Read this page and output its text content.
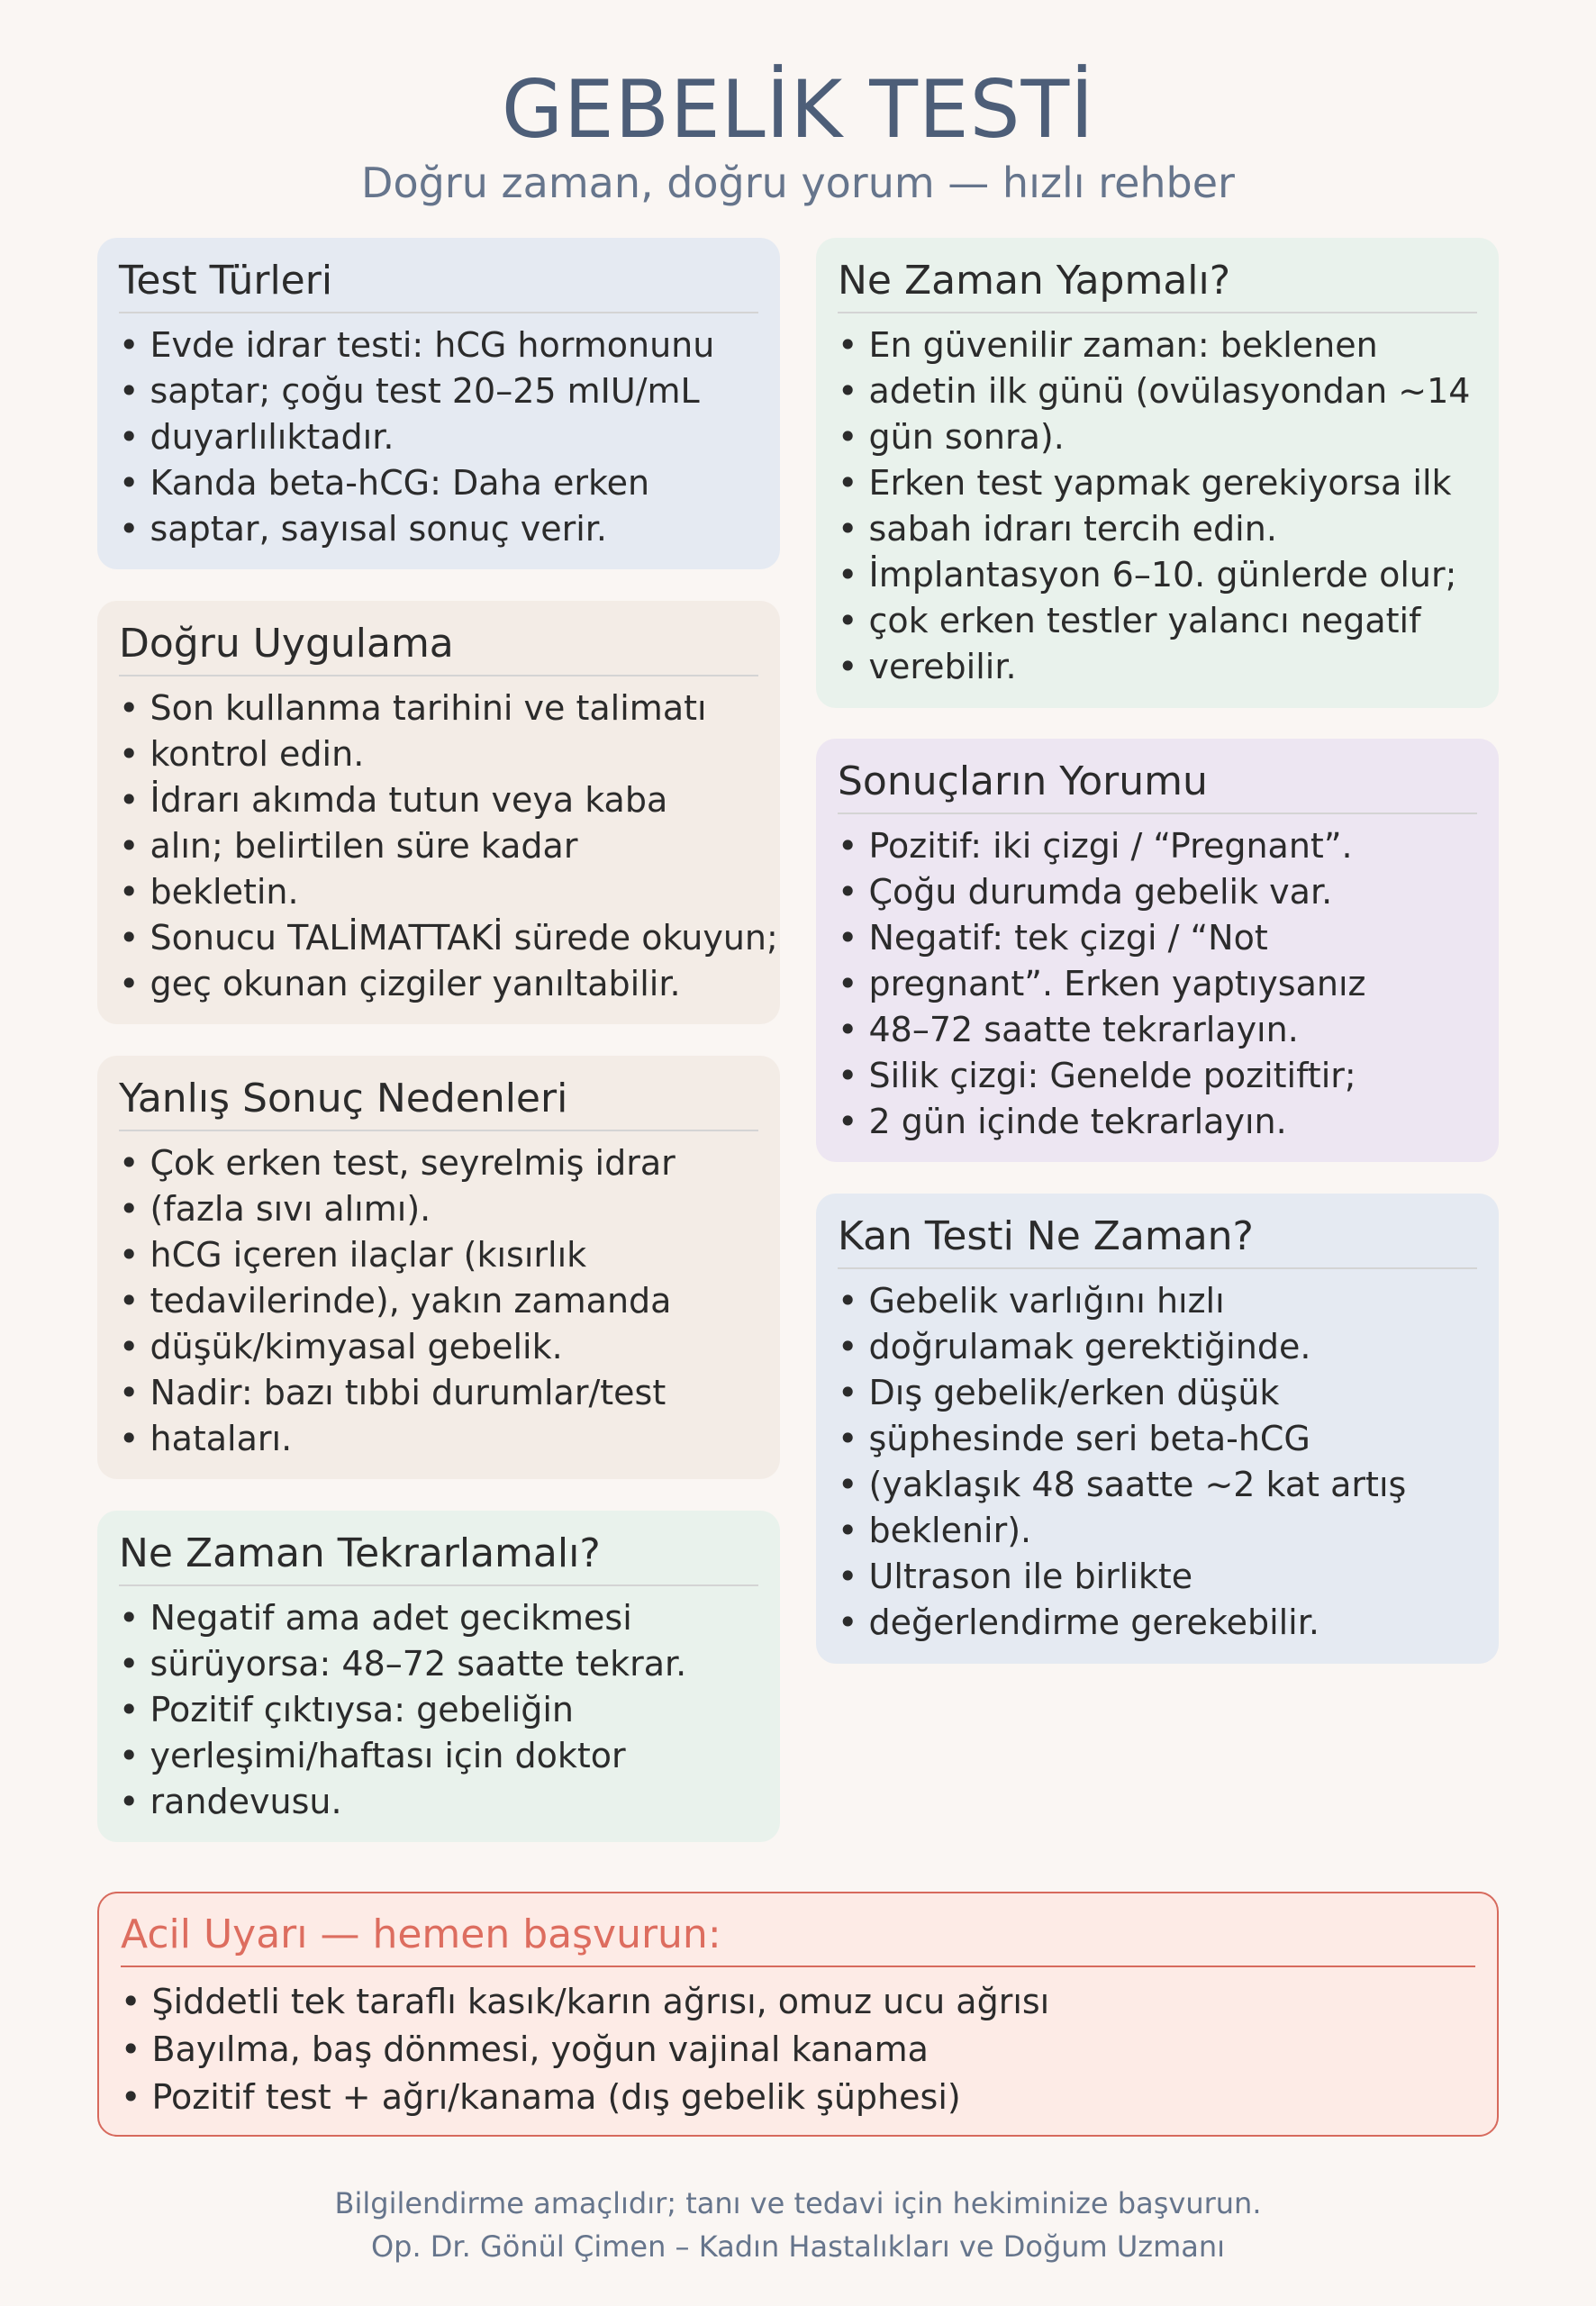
GEBELİK TESTİ
Doğru zaman, doğru yorum — hızlı rehber
Test Türleri
• Evde idrar testi: hCG hormonunu
• saptar; çoğu test 20–25 mIU/mL
• duyarlılıktadır.
• Kanda beta-hCG: Daha erken
• saptar, sayısal sonuç verir.
Doğru Uygulama
• Son kullanma tarihini ve talimatı
• kontrol edin.
• İdrarı akımda tutun veya kaba
• alın; belirtilen süre kadar
• bekletin.
• Sonucu TALİMATTAKİ sürede okuyun;
• geç okunan çizgiler yanıltabilir.
Yanlış Sonuç Nedenleri
• Çok erken test, seyrelmiş idrar
• (fazla sıvı alımı).
• hCG içeren ilaçlar (kısırlık
• tedavilerinde), yakın zamanda
• düşük/kimyasal gebelik.
• Nadir: bazı tıbbi durumlar/test
• hataları.
Ne Zaman Tekrarlamalı?
• Negatif ama adet gecikmesi
• sürüyorsa: 48–72 saatte tekrar.
• Pozitif çıktıysa: gebeliğin
• yerleşimi/haftası için doktor
• randevusu.
Ne Zaman Yapmalı?
• En güvenilir zaman: beklenen
• adetin ilk günü (ovülasyondan ~14
• gün sonra).
• Erken test yapmak gerekiyorsa ilk
• sabah idrarı tercih edin.
• İmplantasyon 6–10. günlerde olur;
• çok erken testler yalancı negatif
• verebilir.
Sonuçların Yorumu
• Pozitif: iki çizgi / “Pregnant”.
• Çoğu durumda gebelik var.
• Negatif: tek çizgi / “Not
• pregnant”. Erken yaptıysanız
• 48–72 saatte tekrarlayın.
• Silik çizgi: Genelde pozitiftir;
• 2 gün içinde tekrarlayın.
Kan Testi Ne Zaman?
• Gebelik varlığını hızlı
• doğrulamak gerektiğinde.
• Dış gebelik/erken düşük
• şüphesinde seri beta-hCG
• (yaklaşık 48 saatte ~2 kat artış
• beklenir).
• Ultrason ile birlikte
• değerlendirme gerekebilir.
Acil Uyarı — hemen başvurun:
• Şiddetli tek taraflı kasık/karın ağrısı, omuz ucu ağrısı
• Bayılma, baş dönmesi, yoğun vajinal kanama
• Pozitif test + ağrı/kanama (dış gebelik şüphesi)
Bilgilendirme amaçlıdır; tanı ve tedavi için hekiminize başvurun.
Op. Dr. Gönül Çimen – Kadın Hastalıkları ve Doğum Uzmanı
